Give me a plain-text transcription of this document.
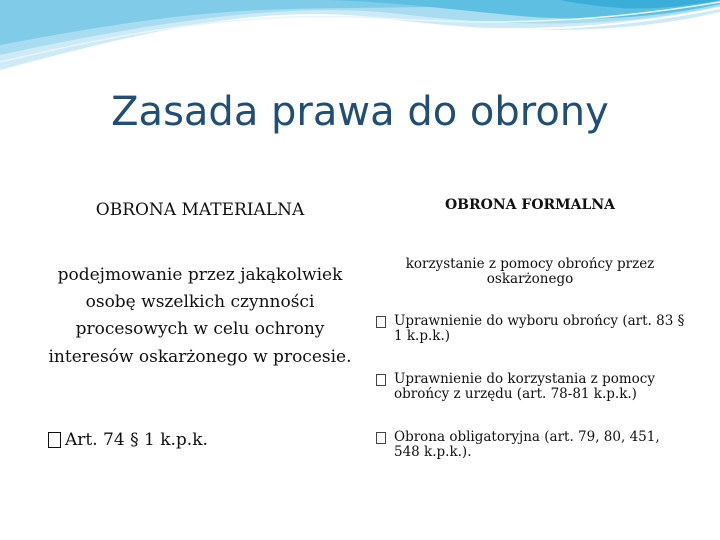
Zasada prawa do obrony
OBRONA MATERIALNA
podejmowanie przez jakąkolwiek osobę wszelkich czynności procesowych w celu ochrony interesów oskarżonego w procesie.
Art. 74 § 1 k.p.k.
OBRONA FORMALNA
korzystanie z pomocy obrońcy przez oskarżonego
Uprawnienie do wyboru obrońcy (art. 83 § 1 k.p.k.)
Uprawnienie do korzystania z pomocy obrońcy z urzędu (art. 78-81 k.p.k.)
Obrona obligatoryjna (art. 79, 80, 451, 548 k.p.k.).
